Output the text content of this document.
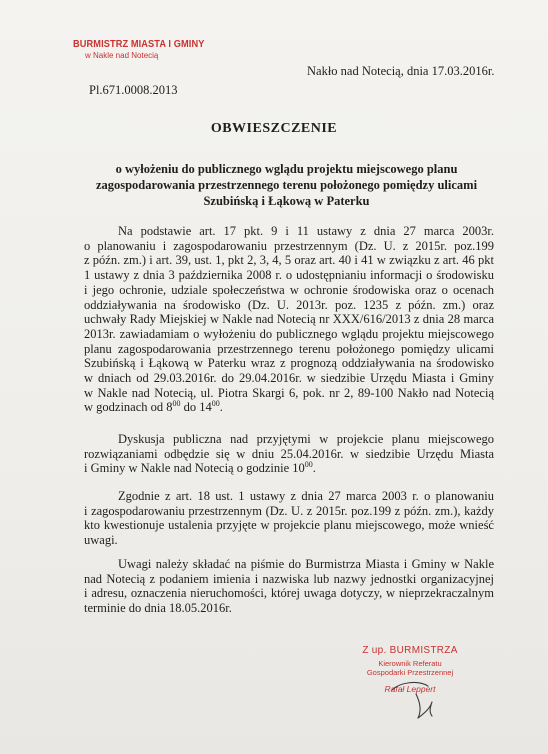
BURMISTRZ MIASTA I GMINY
w Nakle nad Notecią
Nakło nad Notecią, dnia 17.03.2016r.
Pl.671.0008.2013
OBWIESZCZENIE
o wyłożeniu do publicznego wglądu projektu miejscowego planu
zagospodarowania przestrzennego terenu położonego pomiędzy ulicami
Szubińską i Łąkową w Paterku
Na podstawie art. 17 pkt. 9 i 11 ustawy z dnia 27 marca 2003r.
o planowaniu i zagospodarowaniu przestrzennym (Dz. U. z 2015r. poz.199
z późn. zm.) i art. 39, ust. 1, pkt 2, 3, 4, 5 oraz art. 40 i 41 w związku z art. 46 pkt
1 ustawy z dnia 3 października 2008 r. o udostępnianiu informacji o środowisku
i jego ochronie, udziale społeczeństwa w ochronie środowiska oraz o ocenach
oddziaływania na środowisko (Dz. U. 2013r. poz. 1235 z późn. zm.) oraz
uchwały Rady Miejskiej w Nakle nad Notecią nr XXX/616/2013 z dnia 28 marca
2013r. zawiadamiam o wyłożeniu do publicznego wglądu projektu miejscowego
planu zagospodarowania przestrzennego terenu położonego pomiędzy ulicami
Szubińską i Łąkową w Paterku wraz z prognozą oddziaływania na środowisko
w dniach od 29.03.2016r. do 29.04.2016r. w siedzibie Urzędu Miasta i Gminy
w Nakle nad Notecią, ul. Piotra Skargi 6, pok. nr 2, 89-100 Nakło nad Notecią
w godzinach od $8^{00}$ do $14^{00}$.
Dyskusja publiczna nad przyjętymi w projekcie planu miejscowego
rozwiązaniami odbędzie się w dniu 25.04.2016r. w siedzibie Urzędu Miasta
i Gminy w Nakle nad Notecią o godzinie $10^{00}$.
Zgodnie z art. 18 ust. 1 ustawy z dnia 27 marca 2003 r. o planowaniu
i zagospodarowaniu przestrzennym (Dz. U. z 2015r. poz.199 z późn. zm.), każdy
kto kwestionuje ustalenia przyjęte w projekcie planu miejscowego, może wnieść
uwagi.
Uwagi należy składać na piśmie do Burmistrza Miasta i Gminy w Nakle
nad Notecią z podaniem imienia i nazwiska lub nazwy jednostki organizacyjnej
i adresu, oznaczenia nieruchomości, której uwaga dotyczy, w nieprzekraczalnym
terminie do dnia 18.05.2016r.
Z up. BURMISTRZA
Kierownik Referatu
Gospodarki Przestrzennej
Rafał Leppert
